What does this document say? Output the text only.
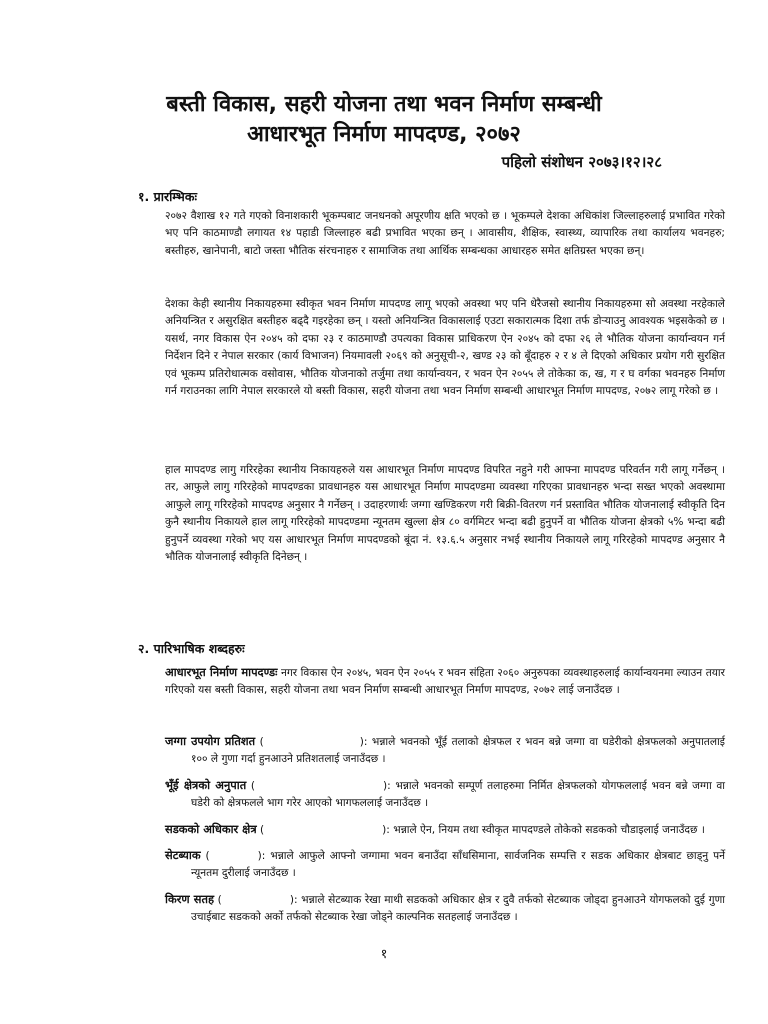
बस्ती विकास, सहरी योजना तथा भवन निर्माण सम्बन्धी
आधारभूत निर्माण मापदण्ड, २०७२

पहिलो संशोधन २०७३।१२।२८

१. प्रारम्भिकः

२०७२ वैशाख १२ गते गएको विनाशकारी भूकम्पबाट जनधनको अपूरणीय क्षति भएको छ । भूकम्पले देशका अधिकांश जिल्लाहरुलाई प्रभावित गरेको भए पनि काठमाण्डौ लगायत १४ पहाडी जिल्लाहरु बढी प्रभावित भएका छन् । आवासीय, शैक्षिक, स्वास्थ्य, व्यापारिक तथा कार्यालय भवनहरु; बस्तीहरु, खानेपानी, बाटो जस्ता भौतिक संरचनाहरु र सामाजिक तथा आर्थिक सम्बन्धका आधारहरु समेत क्षतिग्रस्त भएका छन्।

देशका केही स्थानीय निकायहरुमा स्वीकृत भवन निर्माण मापदण्ड लागू भएको अवस्था भए पनि धेरैजसो स्थानीय निकायहरुमा सो अवस्था नरहेकाले अनियन्त्रित र असुरक्षित बस्तीहरु बढ्दै गइरहेका छन् । यस्तो अनियन्त्रित विकासलाई एउटा सकारात्मक दिशा तर्फ डोऱ्याउनु आवश्यक भइसकेको छ । यसर्थ, नगर विकास ऐन २०४५ को दफा २३ र काठमाण्डौ उपत्यका विकास प्राधिकरण ऐन २०४५ को दफा २६ ले भौतिक योजना कार्यान्वयन गर्न निर्देशन दिने र नेपाल सरकार (कार्य विभाजन) नियमावली २०६९ को अनुसूची-२, खण्ड २३ को बूँदाहरु २ र ४ ले दिएको अधिकार प्रयोग गरी सुरक्षित एवं भूकम्प प्रतिरोधात्मक वसोवास, भौतिक योजनाको तर्जुमा तथा कार्यान्वयन, र भवन ऐन २०५५ ले तोकेका क, ख, ग र घ वर्गका भवनहरु निर्माण गर्न गराउनका लागि नेपाल सरकारले यो बस्ती विकास, सहरी योजना तथा भवन निर्माण सम्बन्धी आधारभूत निर्माण मापदण्ड, २०७२ लागू गरेको छ ।

हाल मापदण्ड लागु गरिरहेका स्थानीय निकायहरुले यस आधारभूत निर्माण मापदण्ड विपरित नहुने गरी आफ्ना मापदण्ड परिवर्तन गरी लागू गर्नेछन् । तर, आफुले लागु गरिरहेको मापदण्डका प्रावधानहरु यस आधारभूत निर्माण मापदण्डमा व्यवस्था गरिएका प्रावधानहरु भन्दा सख्त भएको अवस्थामा आफुले लागू गरिरहेको मापदण्ड अनुसार नै गर्नेछन् । उदाहरणार्थः जग्गा खण्डिकरण गरी बिक्री-वितरण गर्न प्रस्तावित भौतिक योजनालाई स्वीकृति दिन कुनै स्थानीय निकायले हाल लागू गरिरहेको मापदण्डमा न्यूनतम खुल्ला क्षेत्र ८० वर्गमिटर भन्दा बढी हुनुपर्ने वा भौतिक योजना क्षेत्रको ५% भन्दा बढी हुनुपर्ने व्यवस्था गरेको भए यस आधारभूत निर्माण मापदण्डको बूंदा नं. १३.६.५ अनुसार नभई स्थानीय निकायले लागू गरिरहेको मापदण्ड अनुसार नै भौतिक योजनालाई स्वीकृति दिनेछन् ।

२. पारिभाषिक शब्दहरुः

आधारभूत निर्माण मापदण्डः नगर विकास ऐन २०४५, भवन ऐन २०५५ र भवन संहिता २०६० अनुरुपका व्यवस्थाहरुलाई कार्यान्वयनमा ल्याउन तयार गरिएको यस बस्ती विकास, सहरी योजना तथा भवन निर्माण सम्बन्धी आधारभूत निर्माण मापदण्ड, २०७२ लाई जनाउँदछ ।

जग्गा उपयोग प्रतिशत (	): भन्नाले भवनको भूँई तलाको क्षेत्रफल र भवन बन्ने जग्गा वा घडेरीको क्षेत्रफलको अनुपातलाई १०० ले गुणा गर्दा हुनआउने प्रतिशतलाई जनाउँदछ ।
भूँई क्षेत्रको अनुपात (	): भन्नाले भवनको सम्पूर्ण तलाहरुमा निर्मित क्षेत्रफलको योगफललाई भवन बन्ने जग्गा वा घडेरी को क्षेत्रफलले भाग गरेर आएको भागफललाई जनाउँदछ ।
सडकको अधिकार क्षेत्र (	): भन्नाले ऐन, नियम तथा स्वीकृत मापदण्डले तोकेको सडकको चौडाइलाई जनाउँदछ ।
सेटब्याक (	): भन्नाले आफुले आफ्नो जग्गामा भवन बनाउँदा साँधसिमाना, सार्वजनिक सम्पत्ति र सडक अधिकार क्षेत्रबाट छाड्नु पर्ने न्यूनतम दुरीलाई जनाउँदछ ।
किरण सतह (	): भन्नाले सेटब्याक रेखा माथी सडकको अधिकार क्षेत्र र दुवै तर्फको सेटब्याक जोड्दा हुनआउने योगफलको दुई गुणा उचाईबाट सडकको अर्को तर्फको सेटब्याक रेखा जोड्ने काल्पनिक सतहलाई जनाउँदछ ।

१
